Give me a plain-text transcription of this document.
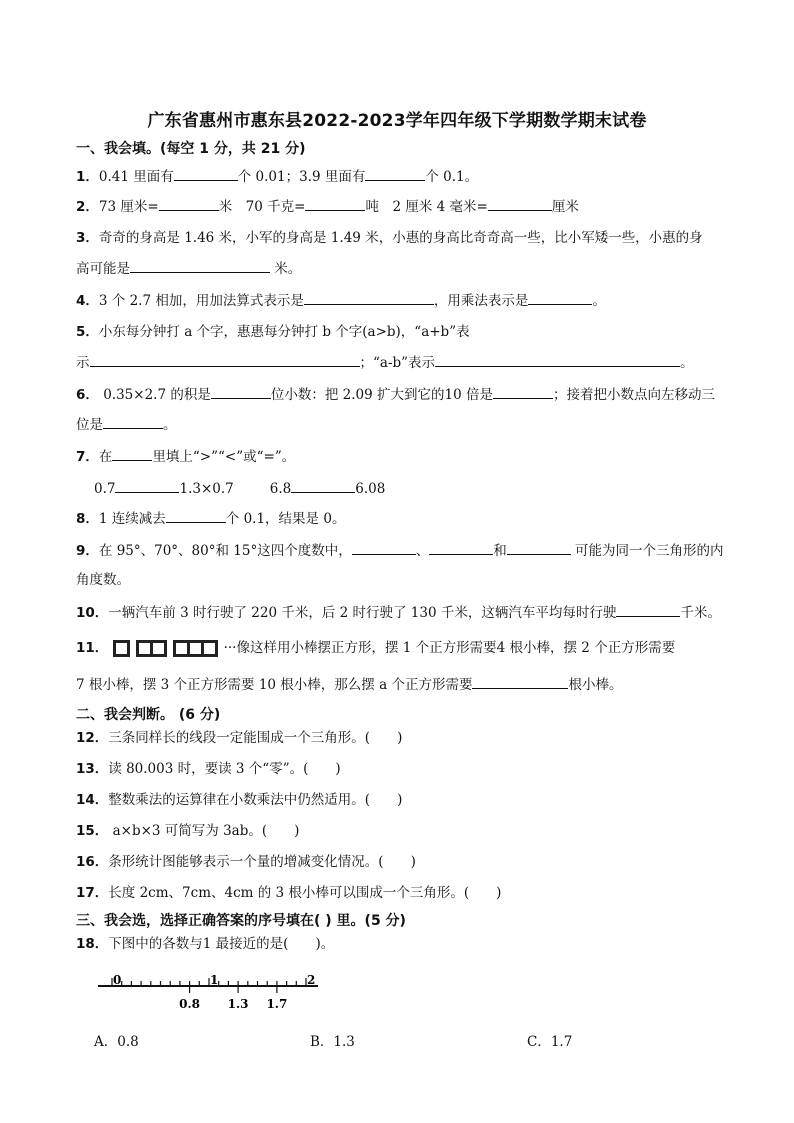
广东省惠州市惠东县2022-2023学年四年级下学期数学期末试卷
一、我会填。(每空 1 分，共 21 分)
1．0.41 里面有	个 0.01；3.9 里面有	个 0.1。
2．73 厘米=	米　70 千克=	吨　2 厘米 4 毫米=	厘米
3．奇奇的身高是 1.46 米，小军的身高是 1.49 米，小惠的身高比奇奇高一些，比小军矮一些，小惠的身
高可能是	米。
4．3 个 2.7 相加，用加法算式表示是	，用乘法表示是	。
5．小东每分钟打 a 个字，惠惠每分钟打 b 个字(a>b)，“a+b”表
示	；“a-b”表示	。
6． 0.35×2.7 的积是	位小数：把 2.09 扩大到它的10 倍是	；接着把小数点向左移动三
位是	。
7．在	里填上“>”“<”或“=”。
0.7	1.3×0.7	6.8	6.08
8．1 连续减去	个 0.1，结果是 0。
9．在 95°、70°、80°和 15°这四个度数中，	、	和	可能为同一个三角形的内
角度数。
10．一辆汽车前 3 时行驶了 220 千米，后 2 时行驶了 130 千米，这辆汽车平均每时行驶	千米。
11．	···像这样用小棒摆正方形，摆 1 个正方形需要4 根小棒，摆 2 个正方形需要
7 根小棒，摆 3 个正方形需要 10 根小棒，那么摆 a 个正方形需要	根小棒。
二、我会判断。 (6 分)
12．三条同样长的线段一定能围成一个三角形。(　　)
13．读 80.003 时，要读 3 个“零”。(　　)
14．整数乘法的运算律在小数乘法中仍然适用。(　　)
15． a×b×3 可简写为 3ab。(　　)
16．条形统计图能够表示一个量的增减变化情况。(　　)
17．长度 2cm、7cm、4cm 的 3 根小棒可以围成一个三角形。(　　)
三、我会选，选择正确答案的序号填在( ) 里。(5 分)
18．下图中的各数与1 最接近的是(　　)。
0	1	2
0.8 1.3 1.7
A．0.8	B．1.3	C．1.7
